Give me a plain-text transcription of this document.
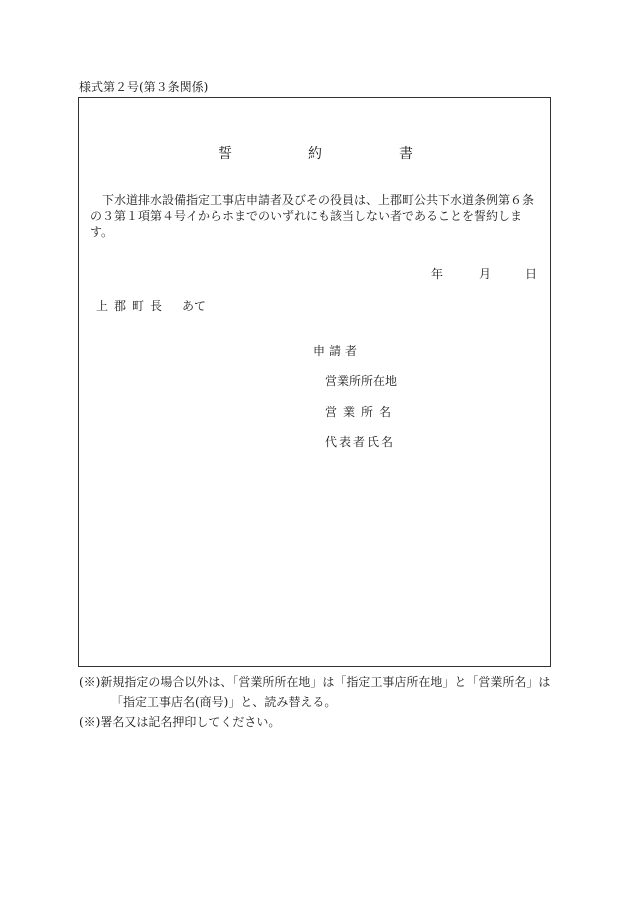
様式第２号(第３条関係)
誓	約	書

下水道排水設備指定工事店申請者及びその役員は、上郡町公共下水道条例第６条の３第１項第４号イからホまでのいずれにも該当しない者であることを誓約します。

年	月	日
上郡町長 あて
申請者
営業所所在地
営業所名
代表者氏名
(※)新規指定の場合以外は、「営業所所在地」は「指定工事店所在地」と「営業所名」は
「指定工事店名(商号)」と、読み替える。
(※)署名又は記名押印してください。
